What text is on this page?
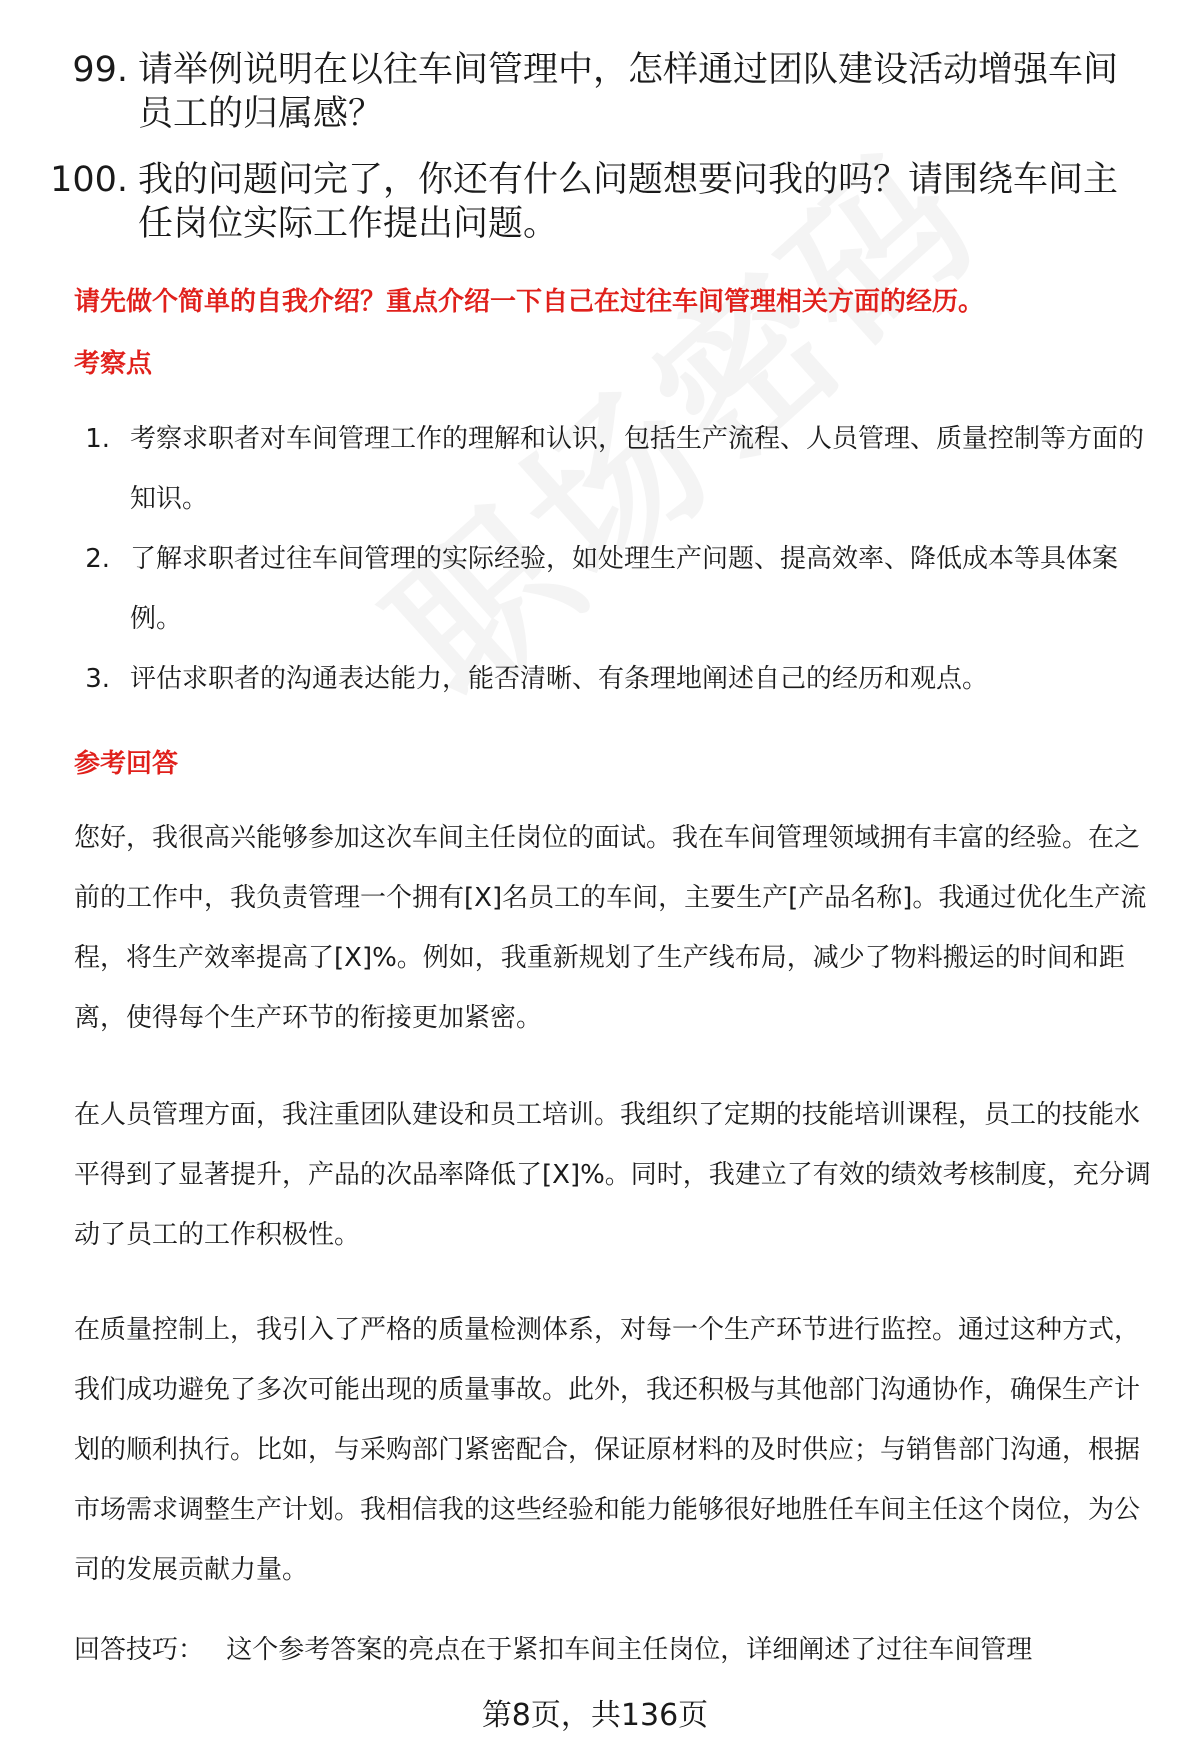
99. 请举例说明在以往车间管理中，怎样通过团队建设活动增强车间员工的归属感？
100. 我的问题问完了，你还有什么问题想要问我的吗？请围绕车间主任岗位实际工作提出问题。
请先做个简单的自我介绍？重点介绍一下自己在过往车间管理相关方面的经历。
考察点
1. 考察求职者对车间管理工作的理解和认识，包括生产流程、人员管理、质量控制等方面的知识。
2. 了解求职者过往车间管理的实际经验，如处理生产问题、提高效率、降低成本等具体案例。
3. 评估求职者的沟通表达能力，能否清晰、有条理地阐述自己的经历和观点。
参考回答
您好，我很高兴能够参加这次车间主任岗位的面试。我在车间管理领域拥有丰富的经验。在之前的工作中，我负责管理一个拥有[X]名员工的车间，主要生产[产品名称]。我通过优化生产流程，将生产效率提高了[X]%。例如，我重新规划了生产线布局，减少了物料搬运的时间和距离，使得每个生产环节的衔接更加紧密。
在人员管理方面，我注重团队建设和员工培训。我组织了定期的技能培训课程，员工的技能水平得到了显著提升，产品的次品率降低了[X]%。同时，我建立了有效的绩效考核制度，充分调动了员工的工作积极性。
在质量控制上，我引入了严格的质量检测体系，对每一个生产环节进行监控。通过这种方式，我们成功避免了多次可能出现的质量事故。此外，我还积极与其他部门沟通协作，确保生产计划的顺利执行。比如，与采购部门紧密配合，保证原材料的及时供应；与销售部门沟通，根据市场需求调整生产计划。我相信我的这些经验和能力能够很好地胜任车间主任这个岗位，为公司的发展贡献力量。
回答技巧： 这个参考答案的亮点在于紧扣车间主任岗位，详细阐述了过往车间管理
第8页，共136页
